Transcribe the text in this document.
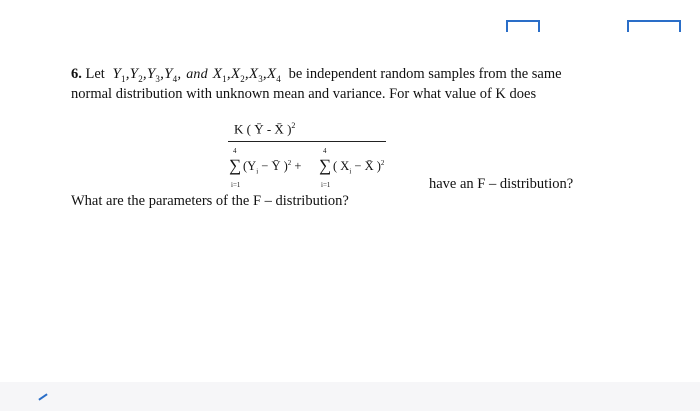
6. Let $Y_1,Y_2,Y_3,Y_4$, and $X_1,X_2,X_3,X_4$ be independent random samples from the same
normal distribution with unknown mean and variance. For what value of K does
K ( Ȳ - X̄ )$^2$
4
∑
i=1
($Y_i$ − Ȳ )$^2$ +
4
∑
i=1
( $X_i$ − X̄ )$^2$
have an F – distribution?
What are the parameters of the F – distribution?
